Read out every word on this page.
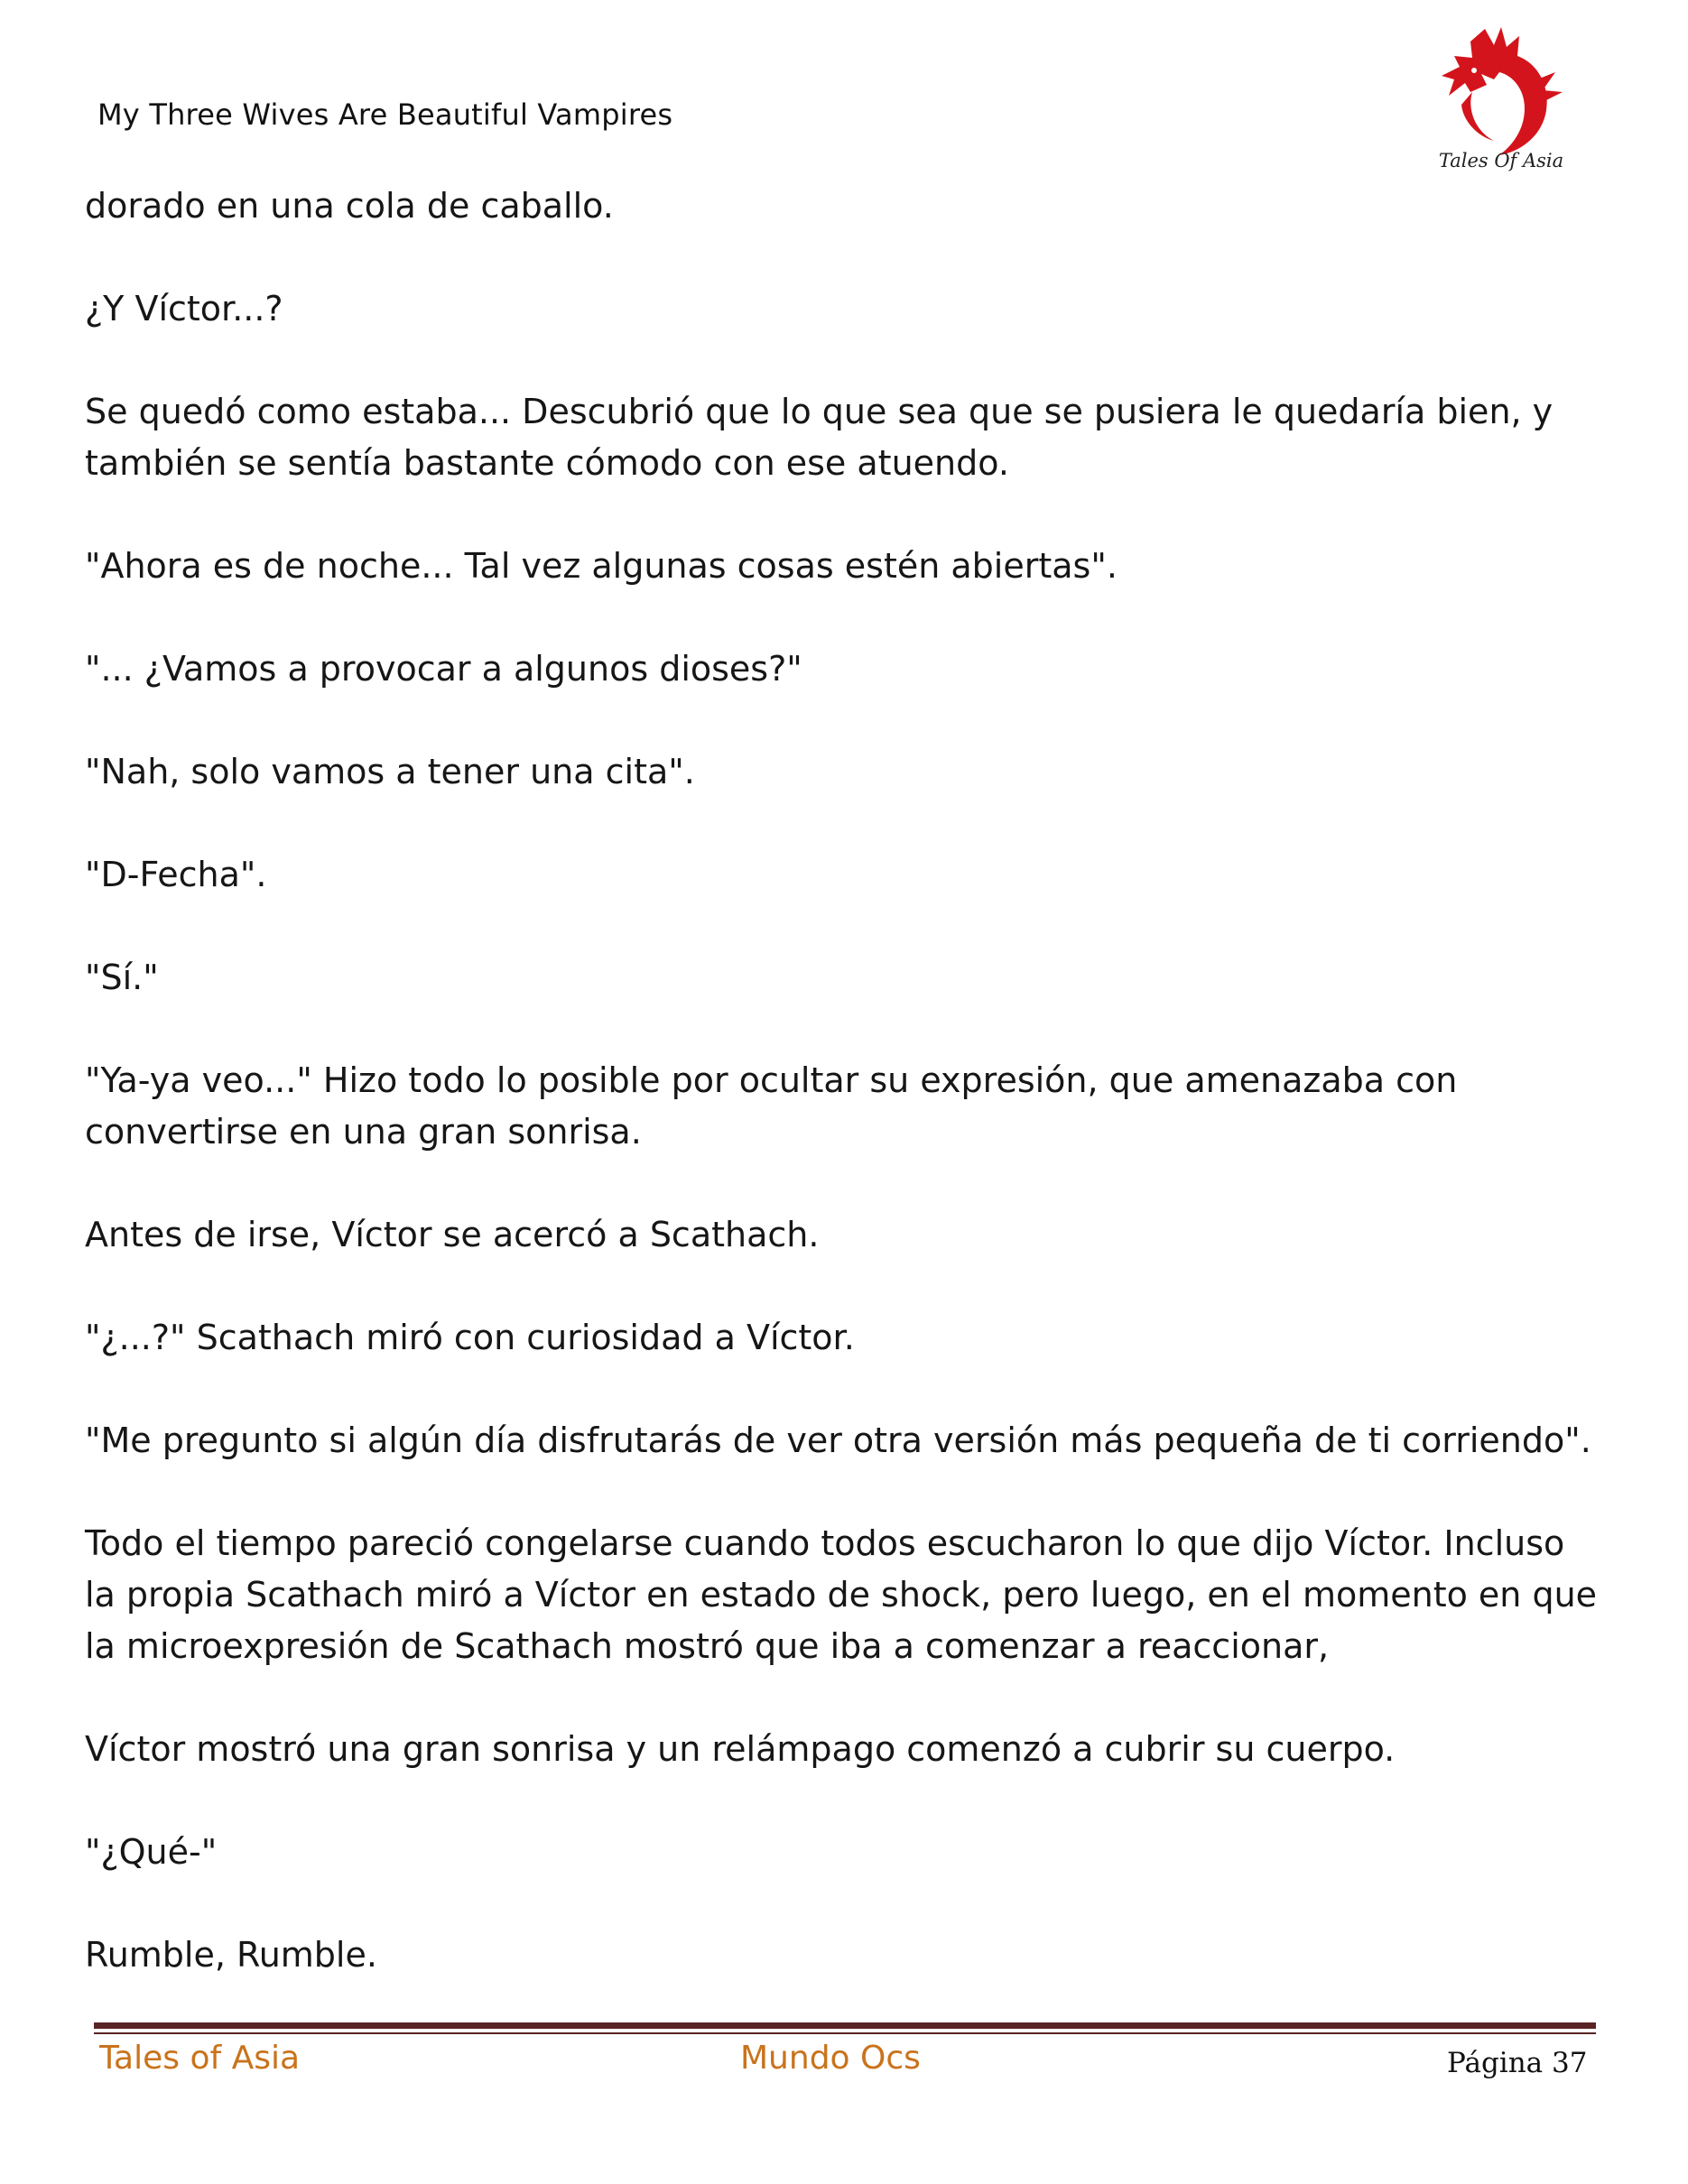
My Three Wives Are Beautiful Vampires
Tales Of Asia

dorado en una cola de caballo.

¿Y Víctor...?

Se quedó como estaba... Descubrió que lo que sea que se pusiera le quedaría bien, y también se sentía bastante cómodo con ese atuendo.

"Ahora es de noche... Tal vez algunas cosas estén abiertas".

"... ¿Vamos a provocar a algunos dioses?"

"Nah, solo vamos a tener una cita".

"D-Fecha".

"Sí."

"Ya-ya veo..." Hizo todo lo posible por ocultar su expresión, que amenazaba con convertirse en una gran sonrisa.

Antes de irse, Víctor se acercó a Scathach.

"¿...?" Scathach miró con curiosidad a Víctor.

"Me pregunto si algún día disfrutarás de ver otra versión más pequeña de ti corriendo".

Todo el tiempo pareció congelarse cuando todos escucharon lo que dijo Víctor. Incluso la propia Scathach miró a Víctor en estado de shock, pero luego, en el momento en que la microexpresión de Scathach mostró que iba a comenzar a reaccionar,

Víctor mostró una gran sonrisa y un relámpago comenzó a cubrir su cuerpo.

"¿Qué-"

Rumble, Rumble.

Tales of Asia	Mundo Ocs	Página 37
